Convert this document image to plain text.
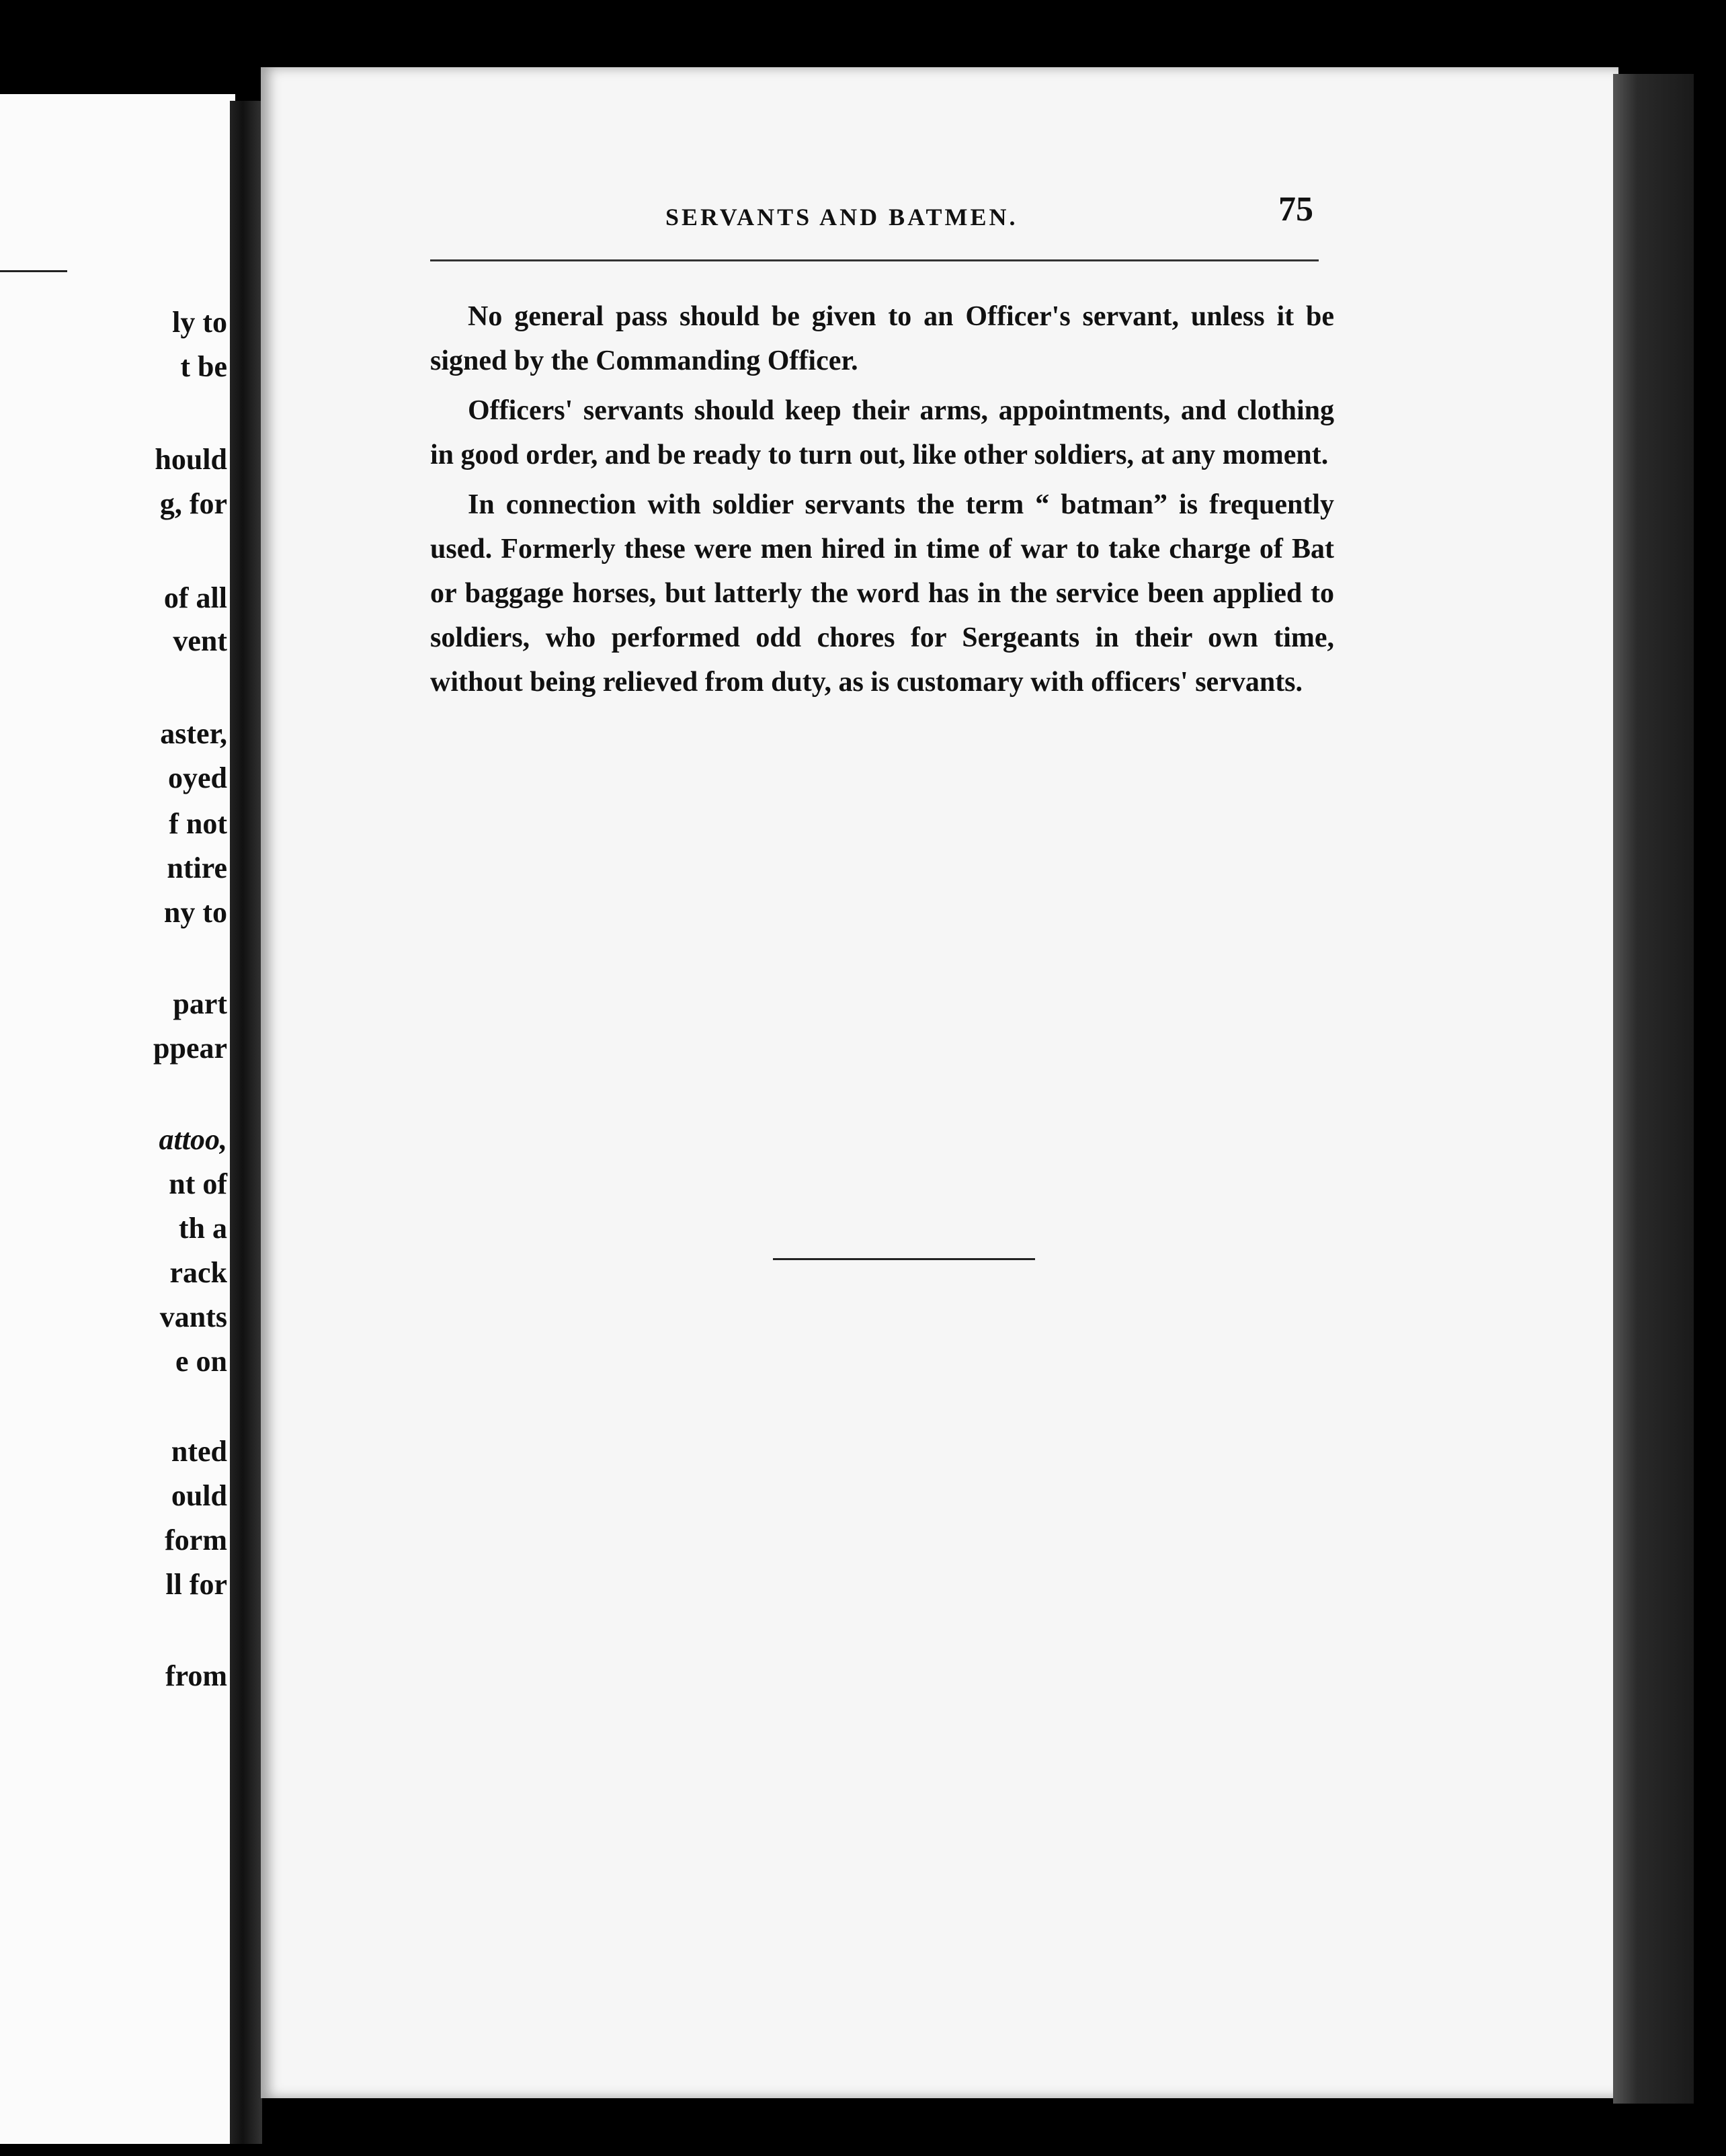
ly to
t be
hould
g, for
of all
vent
aster,
oyed
f not
ntire
ny to
part
ppear
attoo,
nt of
th a
rack
vants
e on
nted
ould
form
ll for
from
SERVANTS AND BATMEN.	75

No general pass should be given to an Officer's servant, unless it be signed by the Commanding Officer.

Officers' servants should keep their arms, appointments, and clothing in good order, and be ready to turn out, like other soldiers, at any moment.

In connection with soldier servants the term “ batman” is frequently used. Formerly these were men hired in time of war to take charge of Bat or baggage horses, but latterly the word has in the service been applied to soldiers, who performed odd chores for Sergeants in their own time, without being relieved from duty, as is customary with officers' servants.
